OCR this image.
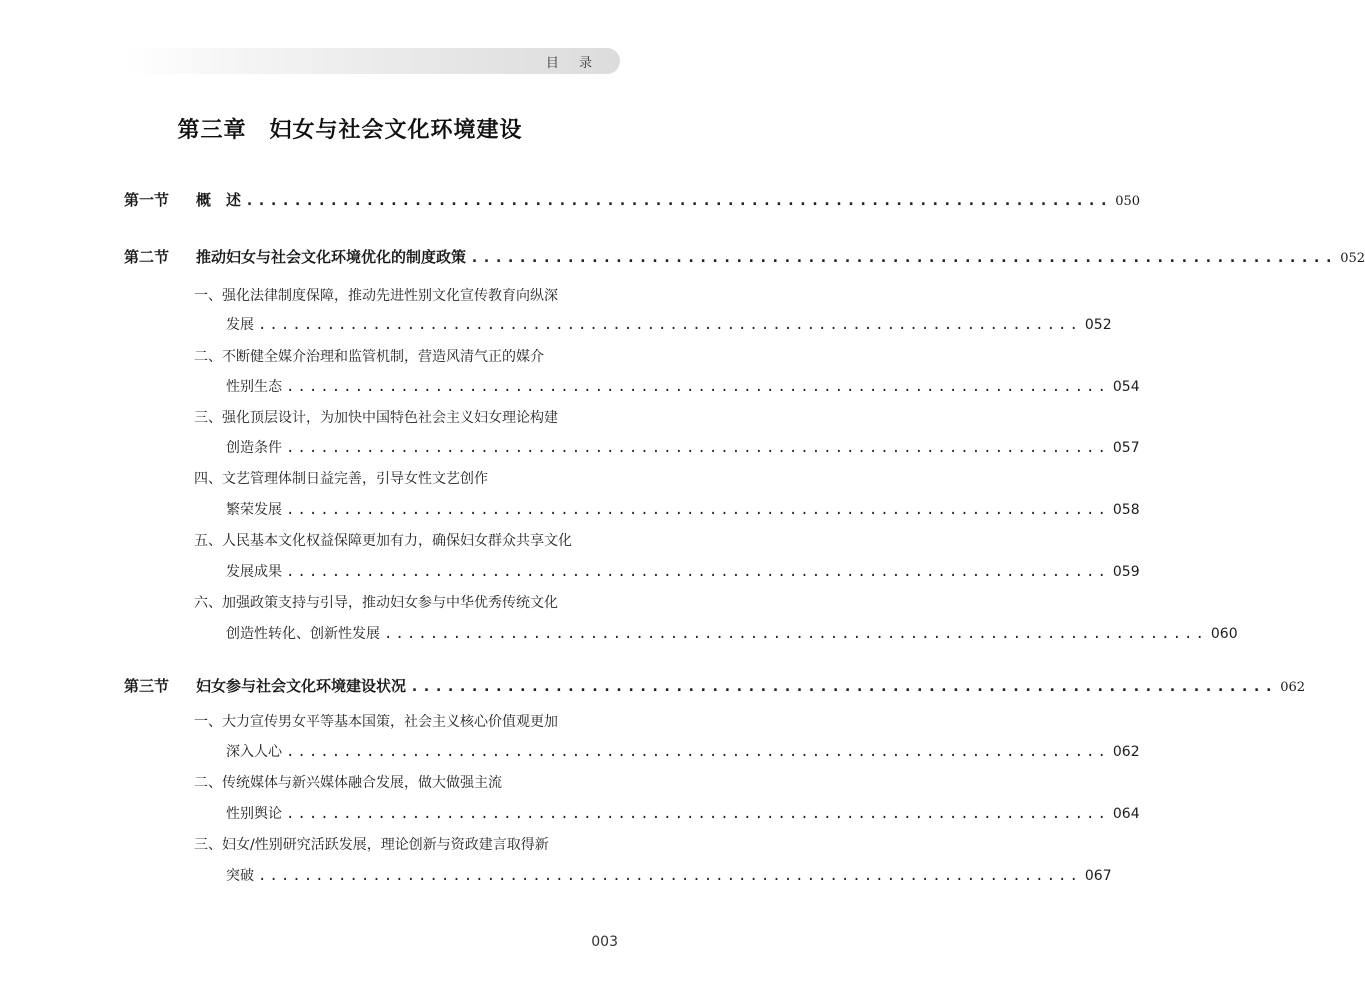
目 录
第三章　妇女与社会文化环境建设
第一节 概　述 ........................................................................ 050
第二节 推动妇女与社会文化环境优化的制度政策 ........................................................................ 052
一、强化法律制度保障，推动先进性别文化宣传教育向纵深
发展 ........................................................................ 052
二、不断健全媒介治理和监管机制，营造风清气正的媒介
性别生态 ........................................................................ 054
三、强化顶层设计，为加快中国特色社会主义妇女理论构建
创造条件 ........................................................................ 057
四、文艺管理体制日益完善，引导女性文艺创作
繁荣发展 ........................................................................ 058
五、人民基本文化权益保障更加有力，确保妇女群众共享文化
发展成果 ........................................................................ 059
六、加强政策支持与引导，推动妇女参与中华优秀传统文化
创造性转化、创新性发展 ........................................................................ 060
第三节 妇女参与社会文化环境建设状况 ........................................................................ 062
一、大力宣传男女平等基本国策，社会主义核心价值观更加
深入人心 ........................................................................ 062
二、传统媒体与新兴媒体融合发展，做大做强主流
性别舆论 ........................................................................ 064
三、妇女/性别研究活跃发展，理论创新与资政建言取得新
突破 ........................................................................ 067
003
